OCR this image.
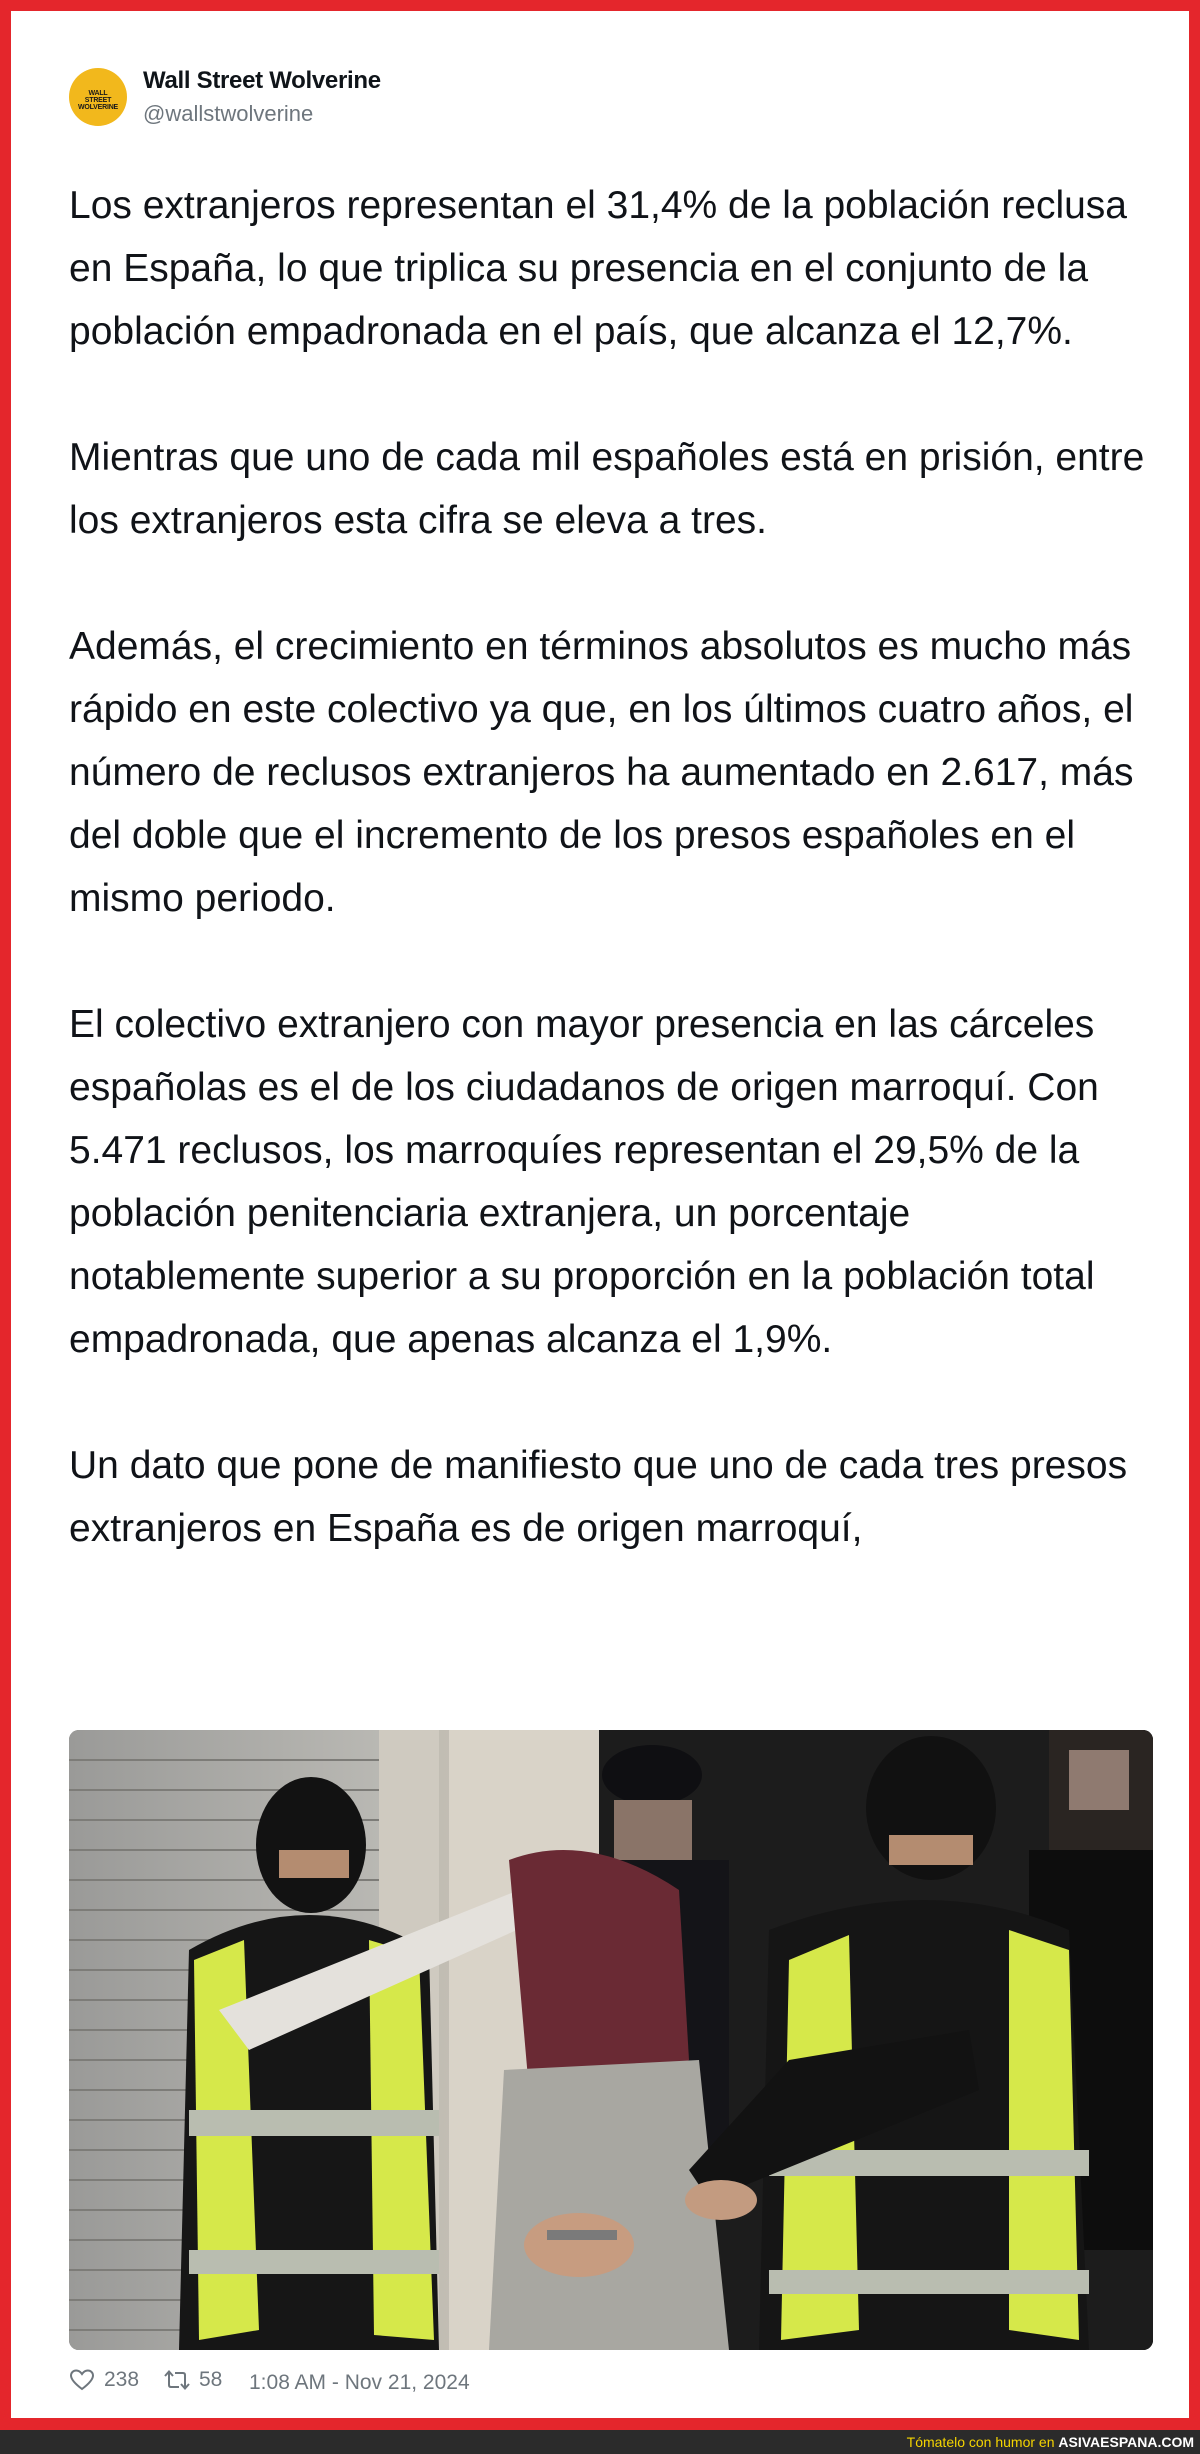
WALL STREET WOLVERINE
Wall Street Wolverine
@wallstwolverine

Los extranjeros representan el 31,4% de la población reclusa en España, lo que triplica su presencia en el conjunto de la población empadronada en el país, que alcanza el 12,7%.

Mientras que uno de cada mil españoles está en prisión, entre los extranjeros esta cifra se eleva a tres.

Además, el crecimiento en términos absolutos es mucho más rápido en este colectivo ya que, en los últimos cuatro años, el número de reclusos extranjeros ha aumentado en 2.617, más del doble que el incremento de los presos españoles en el mismo periodo.

El colectivo extranjero con mayor presencia en las cárceles españolas es el de los ciudadanos de origen marroquí. Con 5.471 reclusos, los marroquíes representan el 29,5% de la población penitenciaria extranjera, un porcentaje notablemente superior a su proporción en la población total empadronada, que apenas alcanza el 1,9%.

Un dato que pone de manifiesto que uno de cada tres presos extranjeros en España es de origen marroquí,

238	58 1:08 AM - Nov 21, 2024
Tómatelo con humor en ASIVAESPANA.COM
